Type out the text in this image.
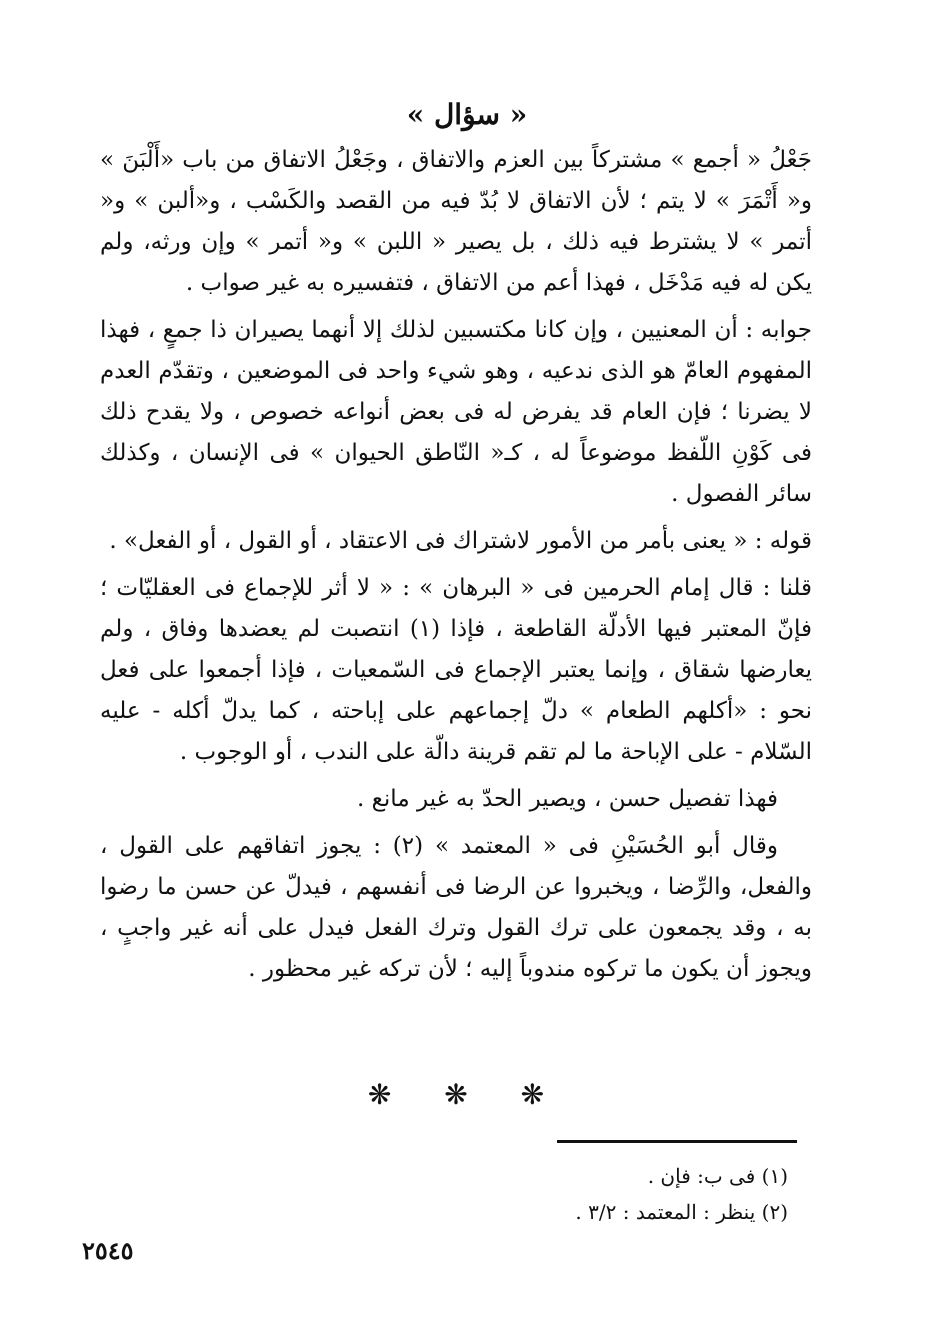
« سؤال »

جَعْلُ « أجمع » مشتركاً بين العزم والاتفاق ، وجَعْلُ الاتفاق من باب «أَلْبَنَ » و« أَتْمَرَ » لا يتم ؛ لأن الاتفاق لا بُدّ فيه من القصد والكَسْب ، و«ألبن » و« أتمر » لا يشترط فيه ذلك ، بل يصير « اللبن » و« أتمر » وإن ورثه، ولم يكن له فيه مَدْخَل ، فهذا أعم من الاتفاق ، فتفسيره به غير صواب .

جوابه : أن المعنيين ، وإن كانا مكتسبين لذلك إلا أنهما يصيران ذا جمعٍ ، فهذا المفهوم العامّ هو الذى ندعيه ، وهو شيء واحد فى الموضعين ، وتقدّم العدم لا يضرنا ؛ فإن العام قد يفرض له فى بعض أنواعه خصوص ، ولا يقدح ذلك فى كَوْنِ اللّفظ موضوعاً له ، كـ« النّاطق الحيوان » فى الإنسان ، وكذلك سائر الفصول .

قوله : « يعنى بأمر من الأمور لاشتراك فى الاعتقاد ، أو القول ، أو الفعل» .

قلنا : قال إمام الحرمين فى « البرهان » : « لا أثر للإجماع فى العقليّات ؛ فإنّ المعتبر فيها الأدلّة القاطعة ، فإذا (١) انتصبت لم يعضدها وفاق ، ولم يعارضها شقاق ، وإنما يعتبر الإجماع فى السّمعيات ، فإذا أجمعوا على فعل نحو : «أكلهم الطعام » دلّ إجماعهم على إباحته ، كما يدلّ أكله - عليه السّلام - على الإباحة ما لم تقم قرينة دالّة على الندب ، أو الوجوب .

فهذا تفصيل حسن ، ويصير الحدّ به غير مانع .

وقال أبو الحُسَيْنِ فى « المعتمد » (٢) : يجوز اتفاقهم على القول ، والفعل، والرِّضا ، ويخبروا عن الرضا فى أنفسهم ، فيدلّ عن حسن ما رضوا به ، وقد يجمعون على ترك القول وترك الفعل فيدل على أنه غير واجبٍ ، ويجوز أن يكون ما تركوه مندوباً إليه ؛ لأن تركه غير محظور .

❋ ❋ ❋
(١) فى ب: فإن .
(٢) ينظر : المعتمد : ٣/٢ .
٢٥٤٥
